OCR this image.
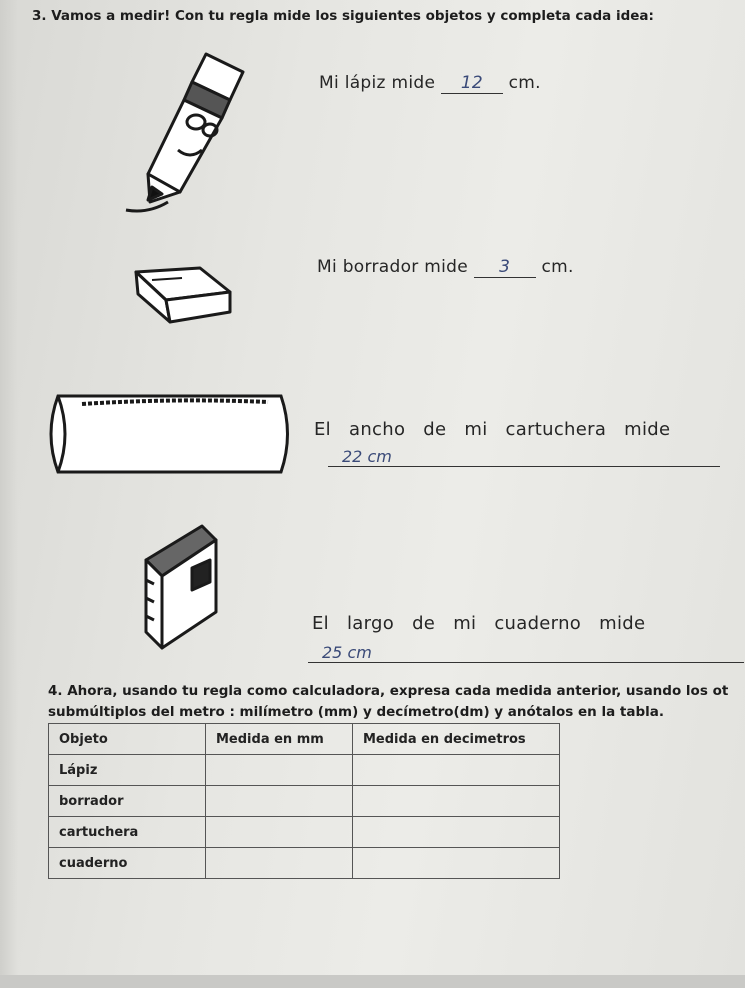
3. Vamos a medir! Con tu regla mide los siguientes objetos y completa cada idea:
Mi lápiz mide 12 cm.
Mi borrador mide 3 cm.
El ancho de mi cartuchera mide
22 cm
El largo de mi cuaderno mide
25 cm
4. Ahora, usando tu regla como calculadora, expresa cada medida anterior, usando los ot
submúltiplos del metro : milímetro (mm) y decímetro(dm) y anótalos en la tabla.
Objeto	Medida en mm	Medida en decimetros
Lápiz		
borrador		
cartuchera		
cuaderno		
